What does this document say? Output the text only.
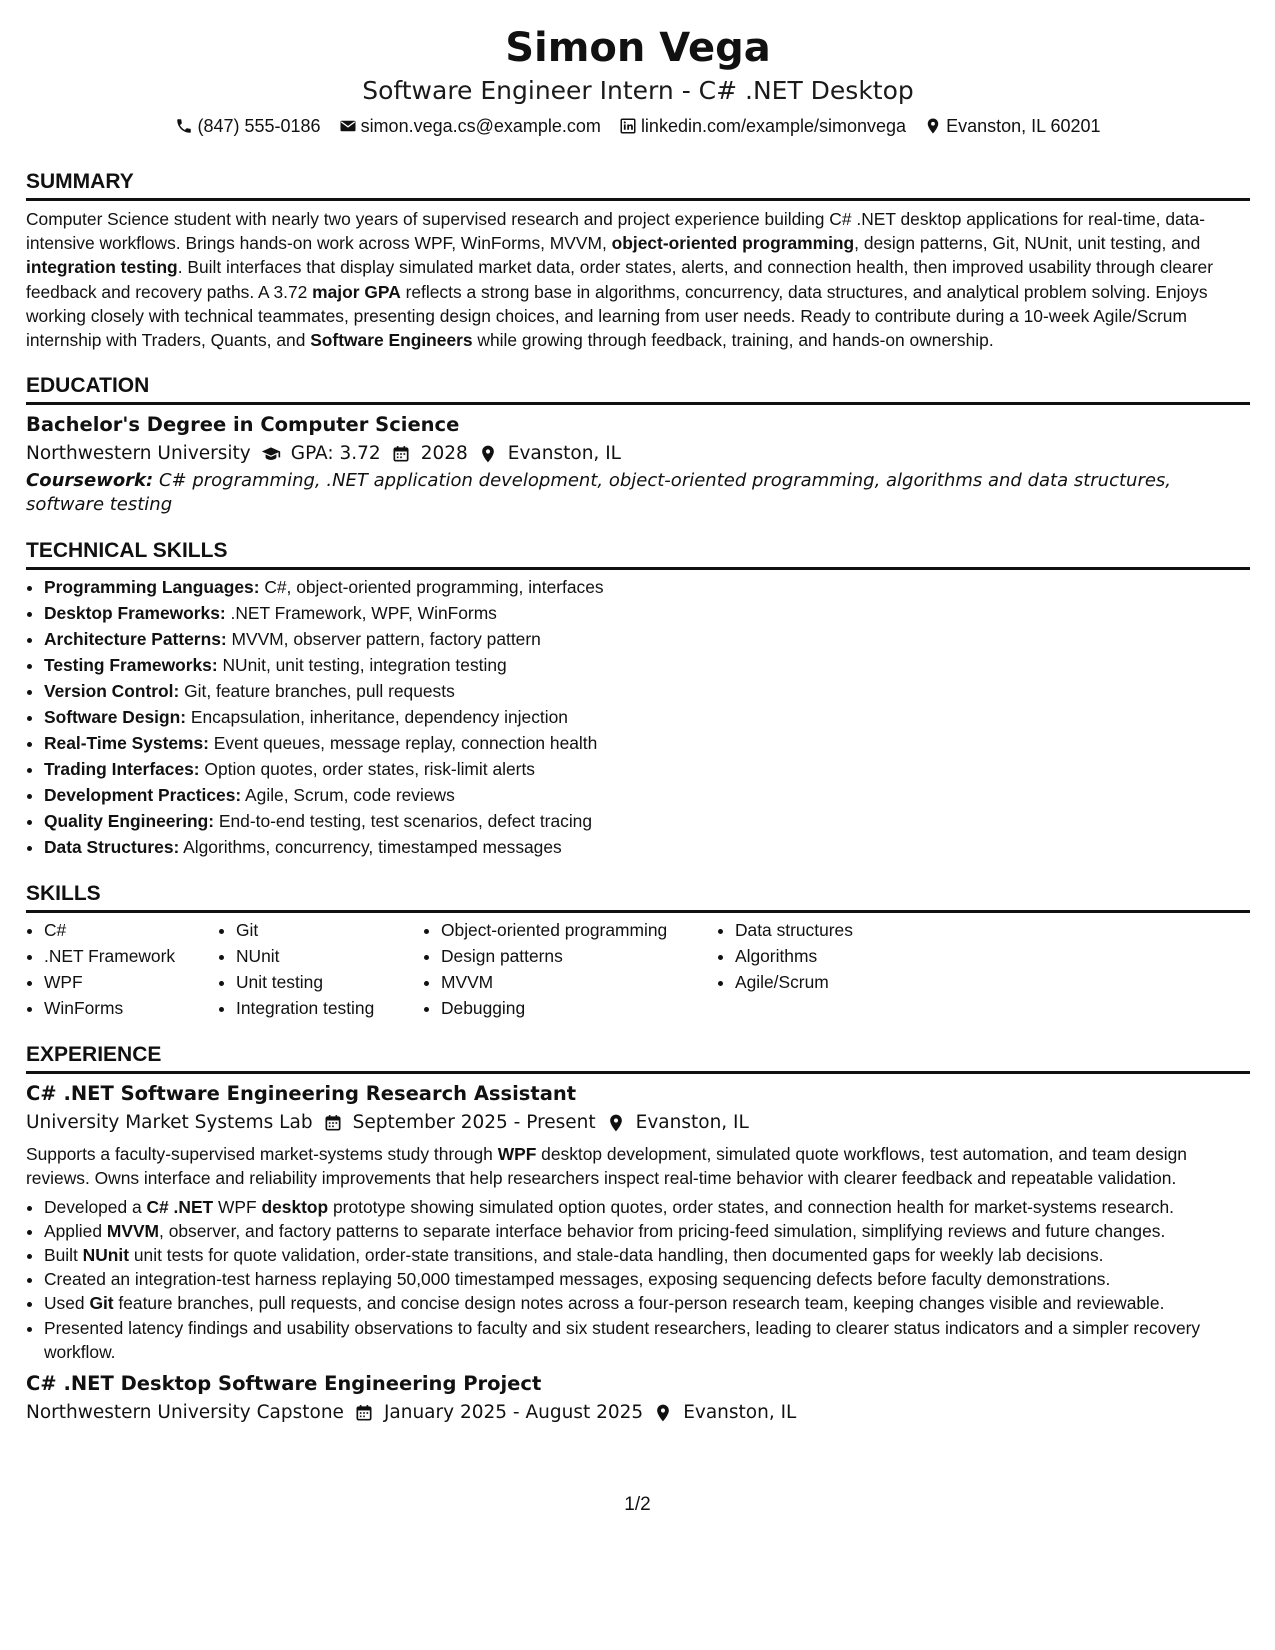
Simon Vega
Software Engineer Intern - C# .NET Desktop
(847) 555-0186 simon.vega.cs@example.com linkedin.com/example/simonvega Evanston, IL 60201
SUMMARY

Computer Science student with nearly two years of supervised research and project experience building C# .NET desktop applications for real-time, data-intensive workflows. Brings hands-on work across WPF, WinForms, MVVM, object-oriented programming, design patterns, Git, NUnit, unit testing, and integration testing. Built interfaces that display simulated market data, order states, alerts, and connection health, then improved usability through clearer feedback and recovery paths. A 3.72 major GPA reflects a strong base in algorithms, concurrency, data structures, and analytical problem solving. Enjoys working closely with technical teammates, presenting design choices, and learning from user needs. Ready to contribute during a 10-week Agile/Scrum internship with Traders, Quants, and Software Engineers while growing through feedback, training, and hands-on ownership.

EDUCATION
Bachelor's Degree in Computer Science
Northwestern University GPA: 3.72 2028 Evanston, IL
Coursework: C# programming, .NET application development, object-oriented programming, algorithms and data structures, software testing
TECHNICAL SKILLS
• Programming Languages: C#, object-oriented programming, interfaces
• Desktop Frameworks: .NET Framework, WPF, WinForms
• Architecture Patterns: MVVM, observer pattern, factory pattern
• Testing Frameworks: NUnit, unit testing, integration testing
• Version Control: Git, feature branches, pull requests
• Software Design: Encapsulation, inheritance, dependency injection
• Real-Time Systems: Event queues, message replay, connection health
• Trading Interfaces: Option quotes, order states, risk-limit alerts
• Development Practices: Agile, Scrum, code reviews
• Quality Engineering: End-to-end testing, test scenarios, defect tracing
• Data Structures: Algorithms, concurrency, timestamped messages
SKILLS
• C#
• .NET Framework
• WPF
• WinForms
• Git
• NUnit
• Unit testing
• Integration testing
• Object-oriented programming
• Design patterns
• MVVM
• Debugging
• Data structures
• Algorithms
• Agile/Scrum
EXPERIENCE
C# .NET Software Engineering Research Assistant
University Market Systems Lab September 2025 - Present Evanston, IL

Supports a faculty-supervised market-systems study through WPF desktop development, simulated quote workflows, test automation, and team design reviews. Owns interface and reliability improvements that help researchers inspect real-time behavior with clearer feedback and repeatable validation.

• Developed a C# .NET WPF desktop prototype showing simulated option quotes, order states, and connection health for market-systems research.
• Applied MVVM, observer, and factory patterns to separate interface behavior from pricing-feed simulation, simplifying reviews and future changes.
• Built NUnit unit tests for quote validation, order-state transitions, and stale-data handling, then documented gaps for weekly lab decisions.
• Created an integration-test harness replaying 50,000 timestamped messages, exposing sequencing defects before faculty demonstrations.
• Used Git feature branches, pull requests, and concise design notes across a four-person research team, keeping changes visible and reviewable.
• Presented latency findings and usability observations to faculty and six student researchers, leading to clearer status indicators and a simpler recovery workflow.
C# .NET Desktop Software Engineering Project
Northwestern University Capstone January 2025 - August 2025 Evanston, IL
1/2
